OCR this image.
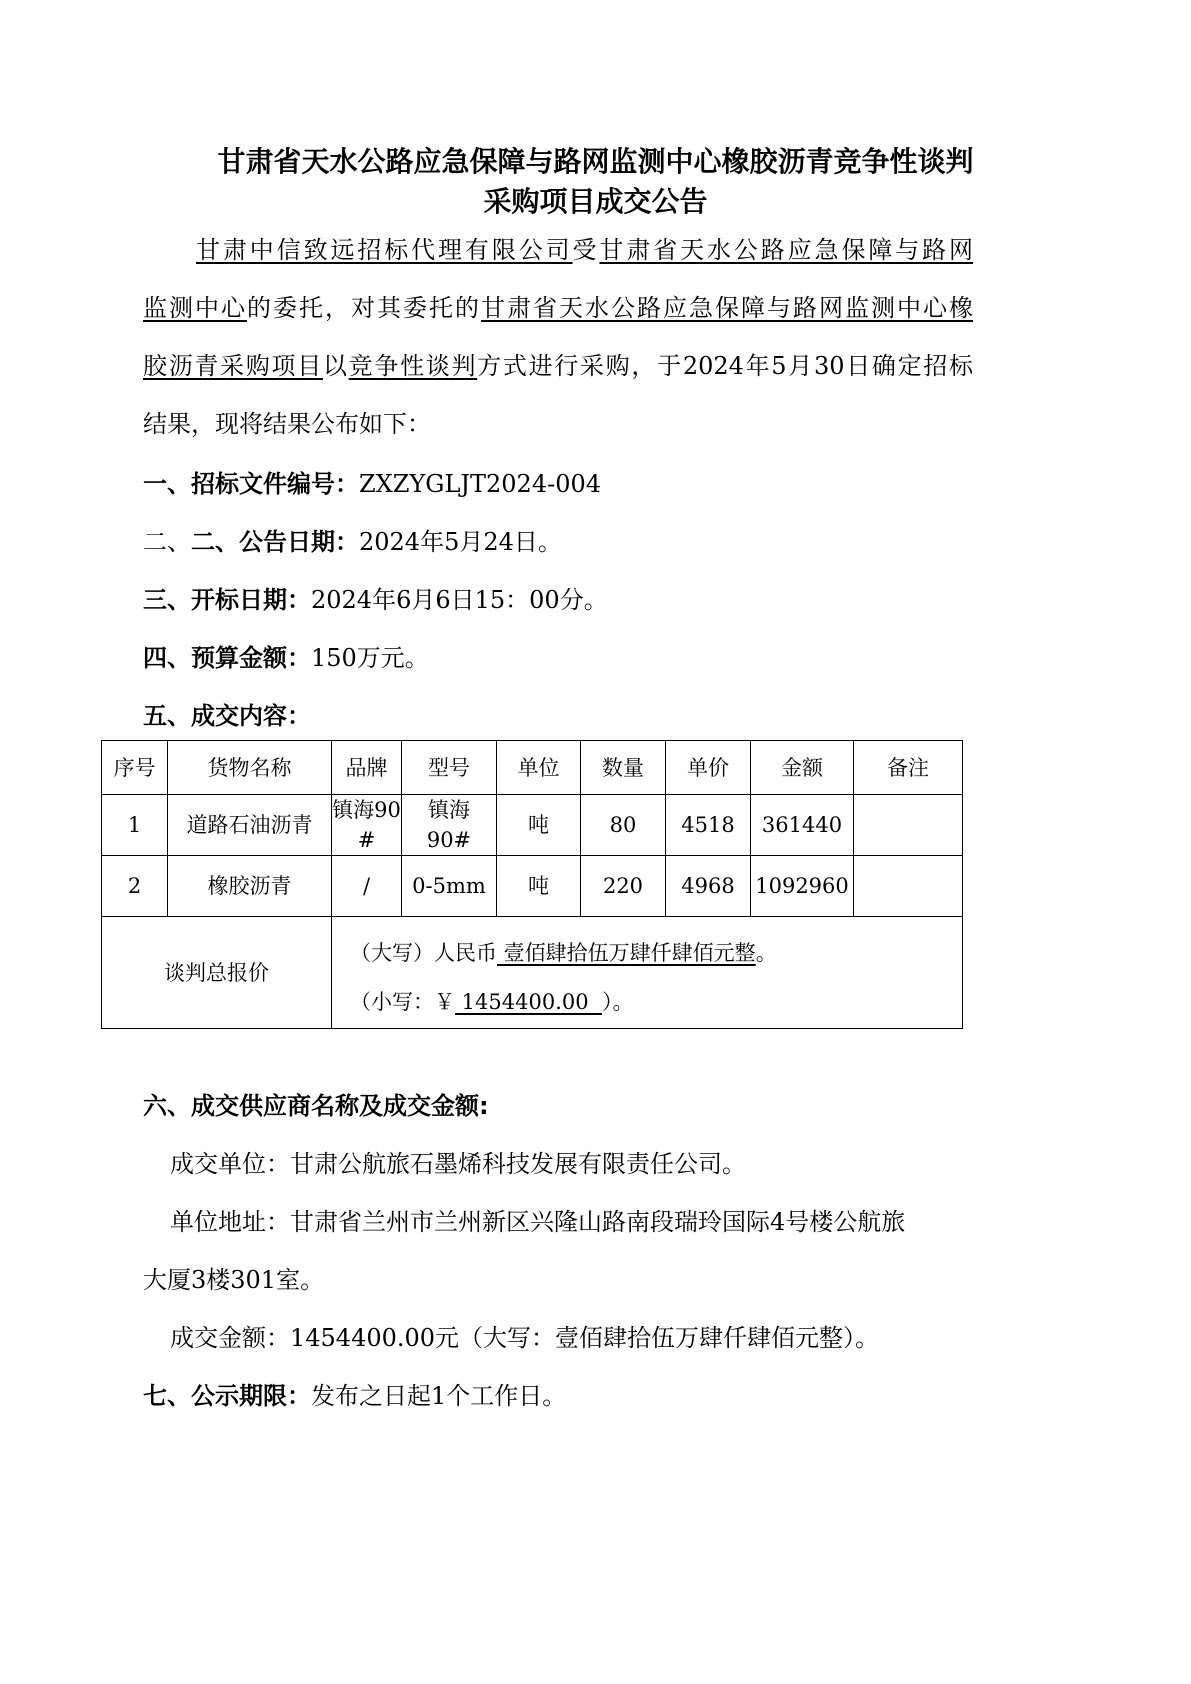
甘肃省天水公路应急保障与路网监测中心橡胶沥青竞争性谈判
采购项目成交公告
甘肃中信致远招标代理有限公司受甘肃省天水公路应急保障与路网
监测中心的委托，对其委托的甘肃省天水公路应急保障与路网监测中心橡
胶沥青采购项目以竞争性谈判方式进行采购，于2024年5月30日确定招标
结果，现将结果公布如下：
一、招标文件编号：ZXZYGLJT2024-004
二、二、公告日期：2024年5月24日。
三、开标日期：2024年6月6日15：00分。
四、预算金额：150万元。
五、成交内容：
序号	货物名称	品牌	型号	单位	数量	单价	金额	备注
1	道路石油沥青	镇海90#	镇海90#	吨	80	4518	361440	
2	橡胶沥青	/	0-5mm	吨	220	4968	1092960	
谈判总报价		（大写）人民币 壹佰肆拾伍万肆仟肆佰元整。
（小写：￥ 1454400.00  ）。						
六、成交供应商名称及成交金额:
成交单位：甘肃公航旅石墨烯科技发展有限责任公司。
单位地址：甘肃省兰州市兰州新区兴隆山路南段瑞玲国际4号楼公航旅
大厦3楼301室。
成交金额：1454400.00元（大写：壹佰肆拾伍万肆仟肆佰元整）。
七、公示期限：发布之日起1个工作日。
